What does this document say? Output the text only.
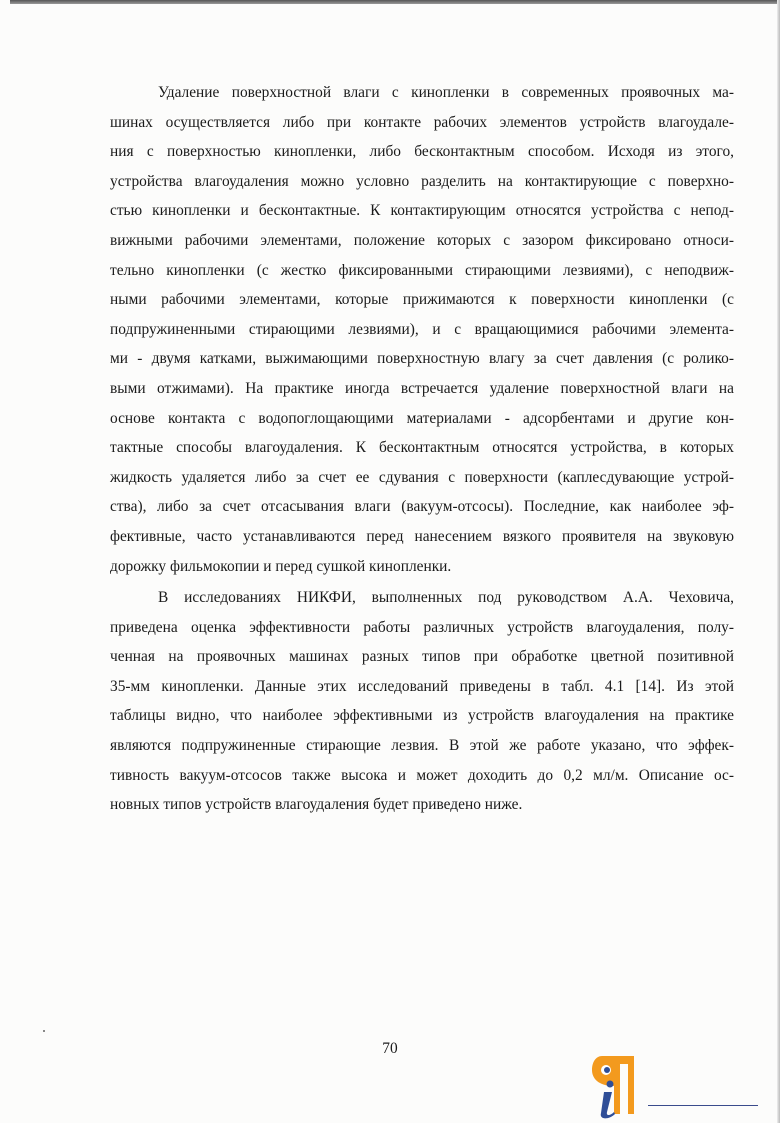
Удаление поверхностной влаги с кинопленки в современных проявочных ма-
шинах осуществляется либо при контакте рабочих элементов устройств влагоудале-
ния с поверхностью кинопленки, либо бесконтактным способом. Исходя из этого,
устройства влагоудаления можно условно разделить на контактирующие с поверхно-
стью кинопленки и бесконтактные. К контактирующим относятся устройства с непод-
вижными рабочими элементами, положение которых с зазором фиксировано относи-
тельно кинопленки (с жестко фиксированными стирающими лезвиями), с неподвиж-
ными рабочими элементами, которые прижимаются к поверхности кинопленки (с
подпружиненными стирающими лезвиями), и с вращающимися рабочими элемента-
ми - двумя катками, выжимающими поверхностную влагу за счет давления (с ролико-
выми отжимами). На практике иногда встречается удаление поверхностной влаги на
основе контакта с водопоглощающими материалами - адсорбентами и другие кон-
тактные способы влагоудаления. К бесконтактным относятся устройства, в которых
жидкость удаляется либо за счет ее сдувания с поверхности (каплесдувающие устрой-
ства), либо за счет отсасывания влаги (вакуум-отсосы). Последние, как наиболее эф-
фективные, часто устанавливаются перед нанесением вязкого проявителя на звуковую
дорожку фильмокопии и перед сушкой кинопленки.
В исследованиях НИКФИ, выполненных под руководством А.А. Чеховича,
приведена оценка эффективности работы различных устройств влагоудаления, полу-
ченная на проявочных машинах разных типов при обработке цветной позитивной
35-мм кинопленки. Данные этих исследований приведены в табл. 4.1 [14]. Из этой
таблицы видно, что наиболее эффективными из устройств влагоудаления на практике
являются подпружиненные стирающие лезвия. В этой же работе указано, что эффек-
тивность вакуум-отсосов также высока и может доходить до 0,2 мл/м. Описание ос-
новных типов устройств влагоудаления будет приведено ниже.
70
